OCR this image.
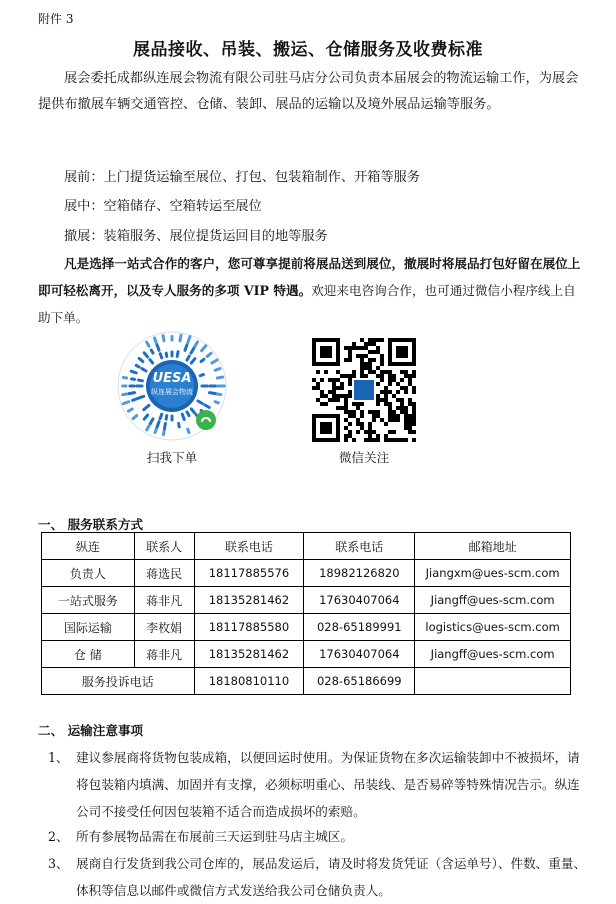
附件 3
展品接收、吊装、搬运、仓储服务及收费标准
展会委托成都纵连展会物流有限公司驻马店分公司负责本届展会的物流运输工作，为展会提供布撤展车辆交通管控、仓储、装卸、展品的运输以及境外展品运输等服务。
展前：上门提货运输至展位、打包、包装箱制作、开箱等服务
展中：空箱储存、空箱转运至展位
撤展：装箱服务、展位提货运回目的地等服务
凡是选择一站式合作的客户，您可尊享提前将展品送到展位，撤展时将展品打包好留在展位上即可轻松离开，以及专人服务的多项 VIP 特遇。欢迎来电咨询合作，也可通过微信小程序线上自助下单。
UESA
纵连展会物流
扫我下单	微信关注
一、 服务联系方式
纵连	联系人	联系电话	联系电话	邮箱地址
负责人	蒋选民	18117885576	18982126820	Jiangxm@ues-scm.com
一站式服务	蒋非凡	18135281462	17630407064	Jiangff@ues-scm.com
国际运输	李枚娟	18117885580	028-65189991	logistics@ues-scm.com
仓 储	蒋非凡	18135281462	17630407064	Jiangff@ues-scm.com
服务投诉电话		18180810110	028-65186699	
二、 运输注意事项
1、 建议参展商将货物包装成箱，以便回运时使用。为保证货物在多次运输装卸中不被损坏，请将包装箱内填满、加固并有支撑，必须标明重心、吊装线、是否易碎等特殊情况告示。纵连公司不接受任何因包装箱不适合而造成损坏的索赔。
2、 所有参展物品需在布展前三天运到驻马店主城区。
3、 展商自行发货到我公司仓库的，展品发运后，请及时将发货凭证（含运单号）、件数、重量、体积等信息以邮件或微信方式发送给我公司仓储负责人。
